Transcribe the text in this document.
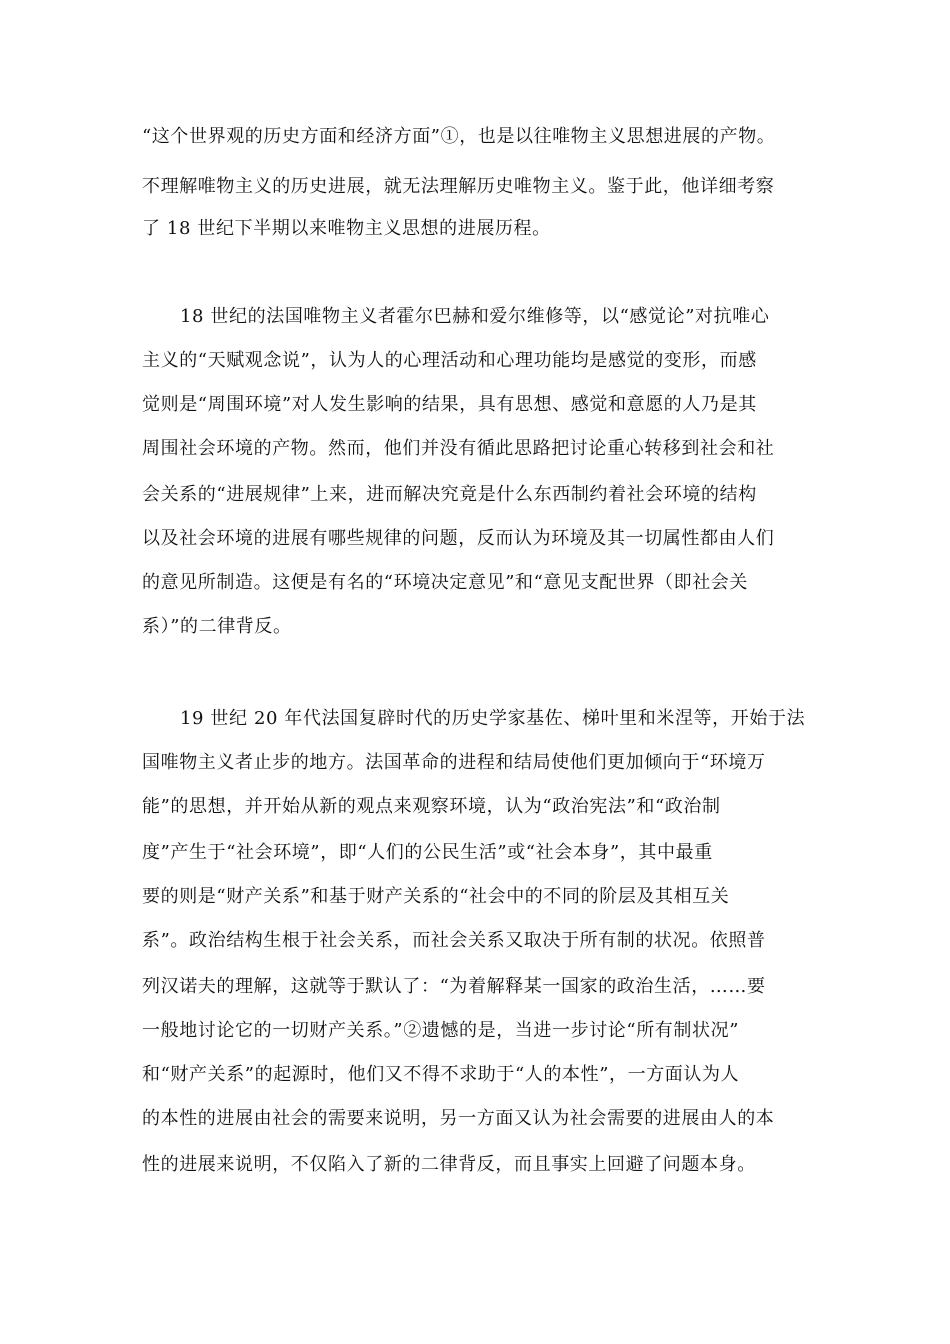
“这个世界观的历史方面和经济方面”①，也是以往唯物主义思想进展的产物。
不理解唯物主义的历史进展，就无法理解历史唯物主义。鉴于此，他详细考察
了 18 世纪下半期以来唯物主义思想的进展历程。
18 世纪的法国唯物主义者霍尔巴赫和爱尔维修等，以“感觉论”对抗唯心
主义的“天赋观念说”，认为人的心理活动和心理功能均是感觉的变形，而感
觉则是“周围环境”对人发生影响的结果，具有思想、感觉和意愿的人乃是其
周围社会环境的产物。然而，他们并没有循此思路把讨论重心转移到社会和社
会关系的“进展规律”上来，进而解决究竟是什么东西制约着社会环境的结构
以及社会环境的进展有哪些规律的问题，反而认为环境及其一切属性都由人们
的意见所制造。这便是有名的“环境决定意见”和“意见支配世界（即社会关
系）”的二律背反。
19 世纪 20 年代法国复辟时代的历史学家基佐、梯叶里和米涅等，开始于法
国唯物主义者止步的地方。法国革命的进程和结局使他们更加倾向于“环境万
能”的思想，并开始从新的观点来观察环境，认为“政治宪法”和“政治制
度”产生于“社会环境”，即“人们的公民生活”或“社会本身”，其中最重
要的则是“财产关系”和基于财产关系的“社会中的不同的阶层及其相互关
系”。政治结构生根于社会关系，而社会关系又取决于所有制的状况。依照普
列汉诺夫的理解，这就等于默认了：“为着解释某一国家的政治生活，……要
一般地讨论它的一切财产关系。”②遗憾的是，当进一步讨论“所有制状况”
和“财产关系”的起源时，他们又不得不求助于“人的本性”，一方面认为人
的本性的进展由社会的需要来说明，另一方面又认为社会需要的进展由人的本
性的进展来说明，不仅陷入了新的二律背反，而且事实上回避了问题本身。
